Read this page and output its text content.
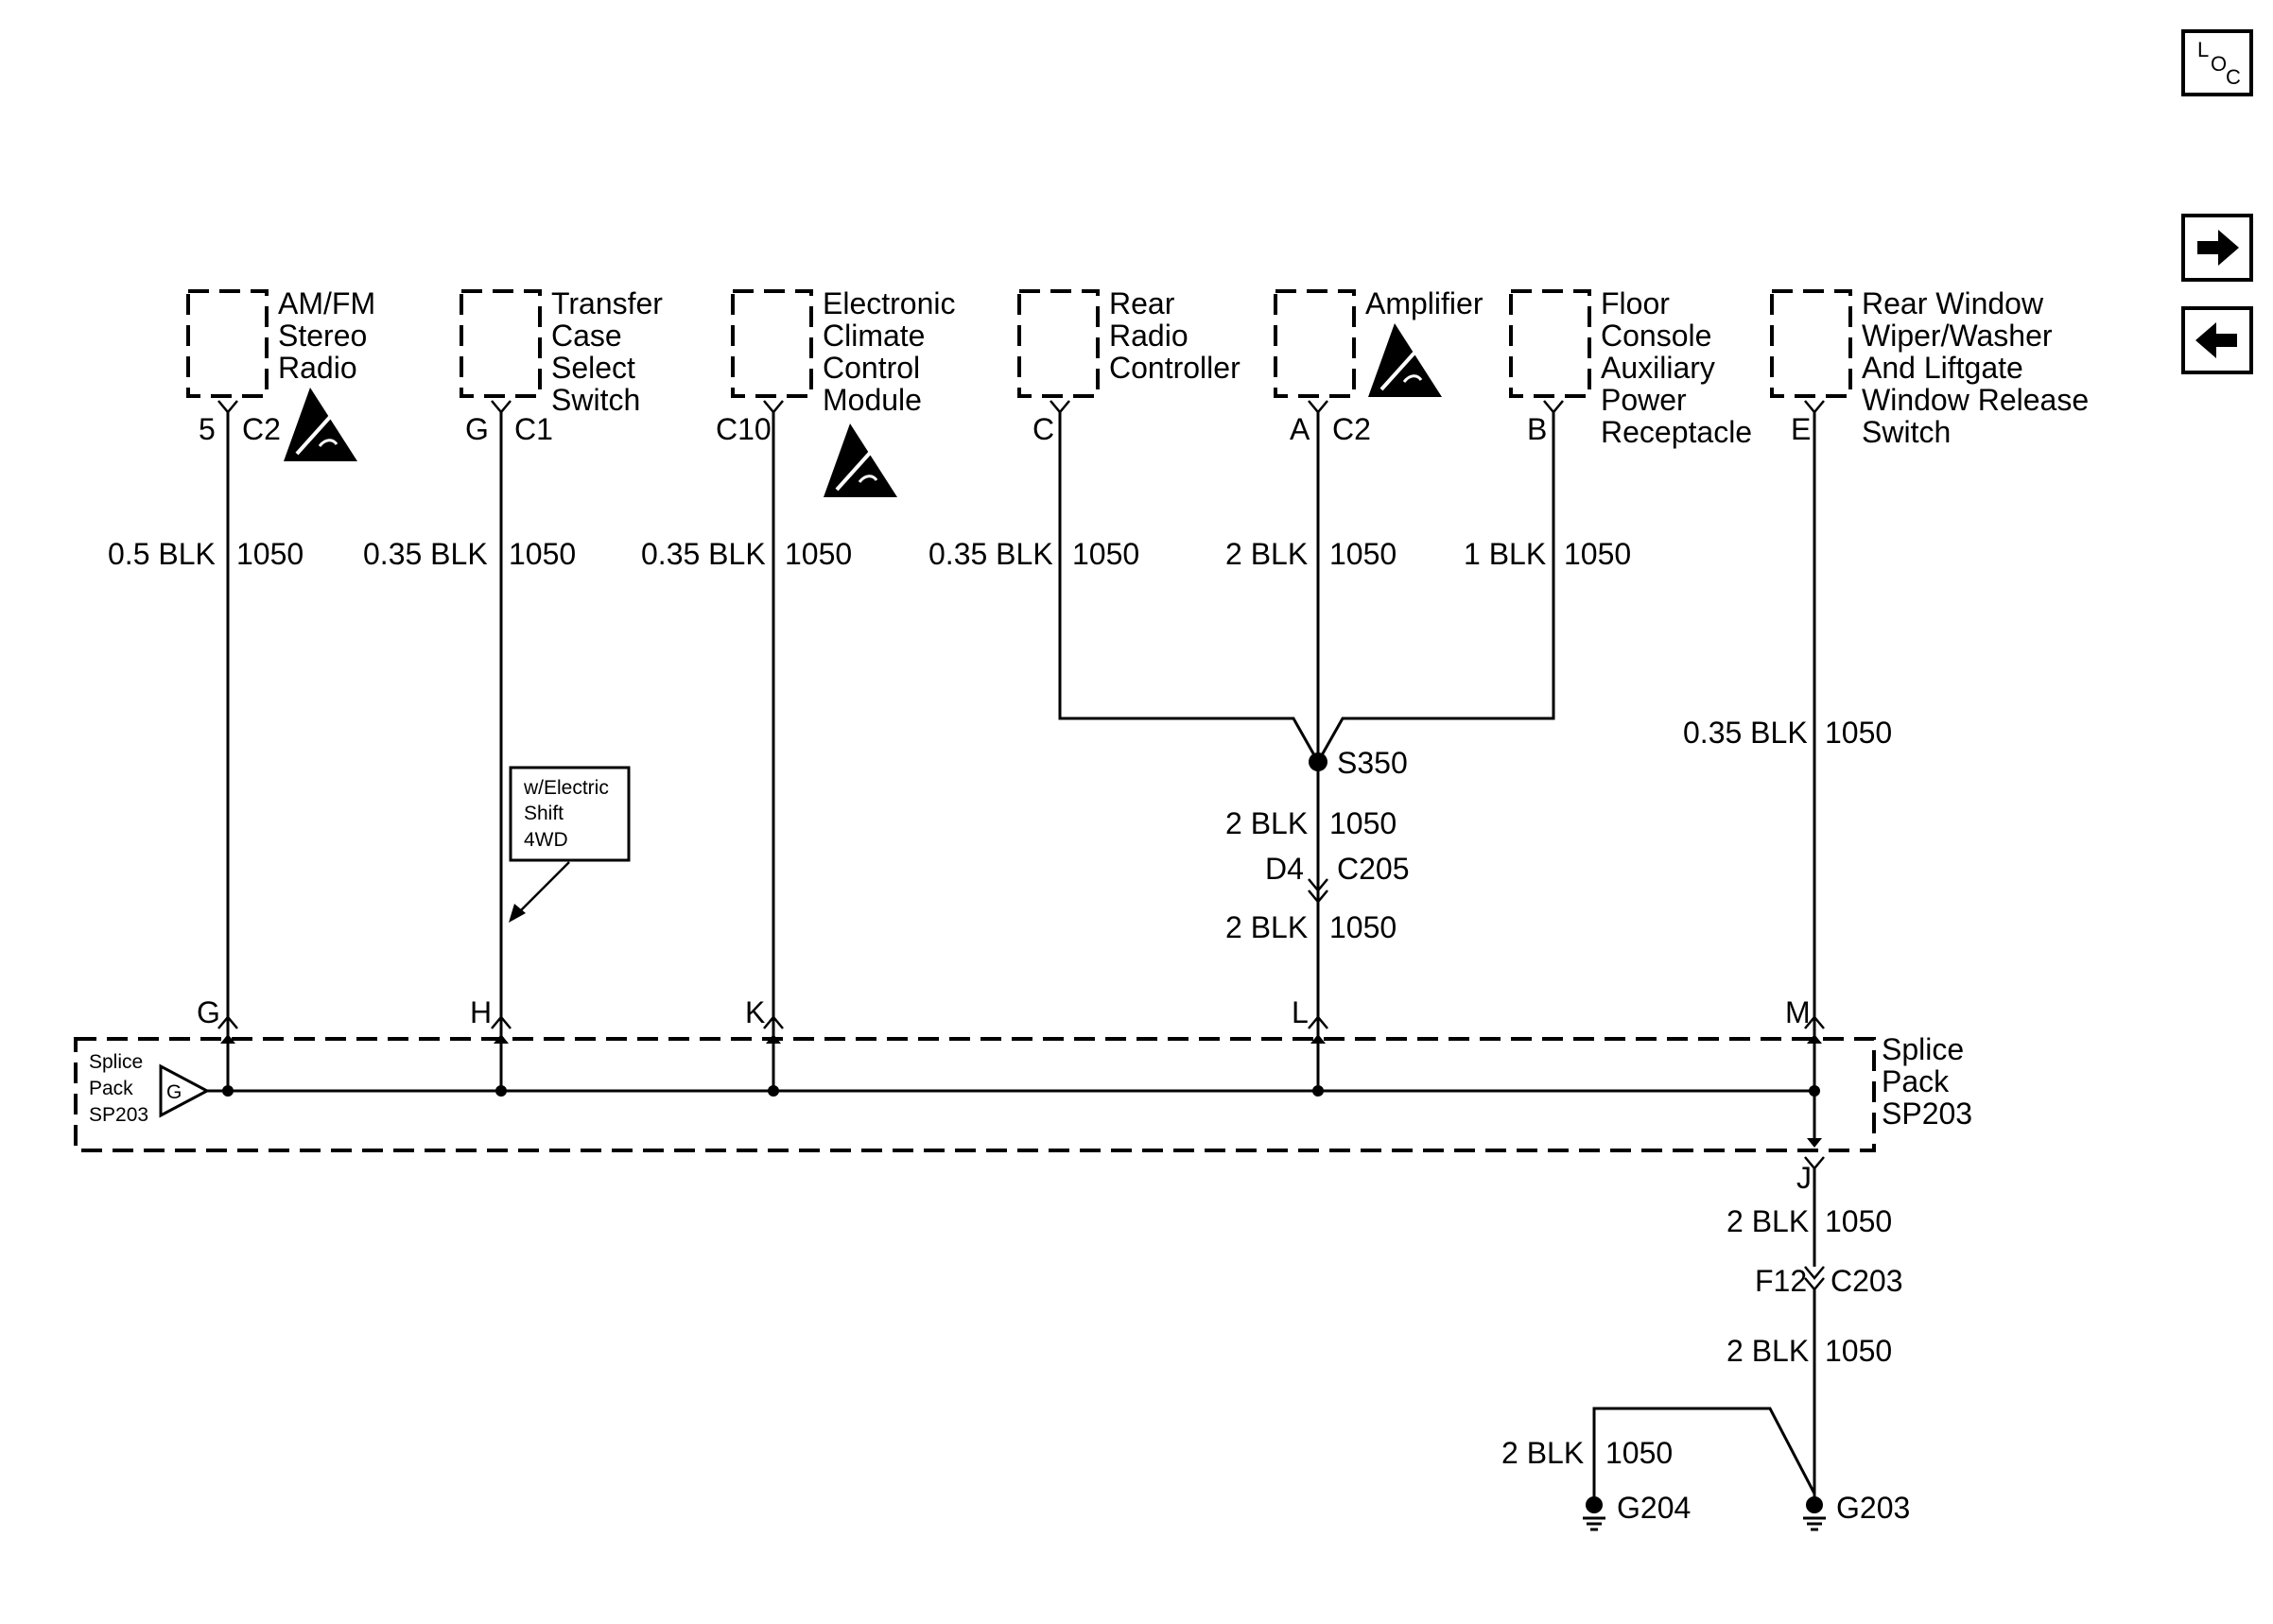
L
O
C
AM/FM
Stereo
Radio
Transfer
Case
Select
Switch
Electronic
Climate
Control
Module
Rear
Radio
Controller
Amplifier	Floor
Console
Auxiliary
Power
Receptacle
Rear Window
Wiper/Washer
And Liftgate
Window Release
Switch
5 C2	G C1	C10	C	A C2	B	E
0.5 BLK 1050 0.35 BLK 1050 0.35 BLK 1050	0.35 BLK 1050	2 BLK 1050 1 BLK 1050
0.35 BLK 1050
w/Electric
Shift
4WD
S350
2 BLK 1050
D4 C205
2 BLK 1050
Splice
Pack
SP203
G
Splice
Pack
SP203
G	H	K	L	M
J
2 BLK 1050
F12 C203
2 BLK 1050
2 BLK 1050
G204	G203
